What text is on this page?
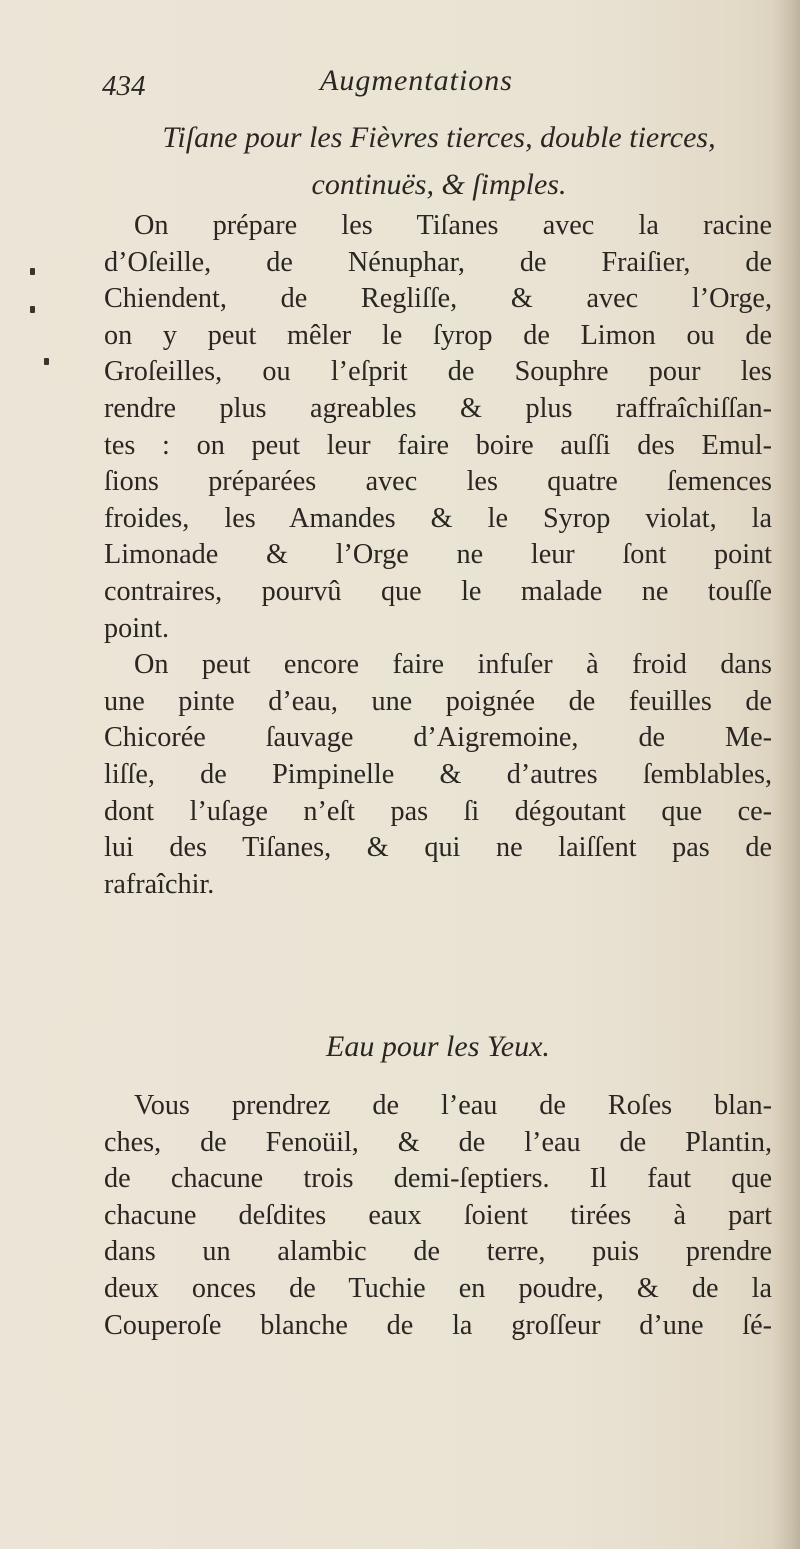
434	Augmentations
Tiſane pour les Fièvres tierces, double tierces,
continuës, & ſimples.
On prépare les Tiſanes avec la racine
d’Oſeille, de Nénuphar, de Fraiſier, de
Chiendent, de Regliſſe, & avec l’Orge,
on y peut mêler le ſyrop de Limon ou de
Groſeilles, ou l’eſprit de Souphre pour les
rendre plus agreables & plus raffraîchiſſan-
tes : on peut leur faire boire auſſi des Emul-
ſions préparées avec les quatre ſemences
froides, les Amandes & le Syrop violat, la
Limonade & l’Orge ne leur ſont point
contraires, pourvû que le malade ne touſſe
point.
On peut encore faire infuſer à froid dans
une pinte d’eau, une poignée de feuilles de
Chicorée ſauvage d’Aigremoine, de Me-
liſſe, de Pimpinelle & d’autres ſemblables,
dont l’uſage n’eſt pas ſi dégoutant que ce-
lui des Tiſanes, & qui ne laiſſent pas de
rafraîchir.
Eau pour les Yeux.
Vous prendrez de l’eau de Roſes blan-
ches, de Fenoüil, & de l’eau de Plantin,
de chacune trois demi-ſeptiers. Il faut que
chacune deſdites eaux ſoient tirées à part
dans un alambic de terre, puis prendre
deux onces de Tuchie en poudre, & de la
Couperoſe blanche de la groſſeur d’une ſé-
